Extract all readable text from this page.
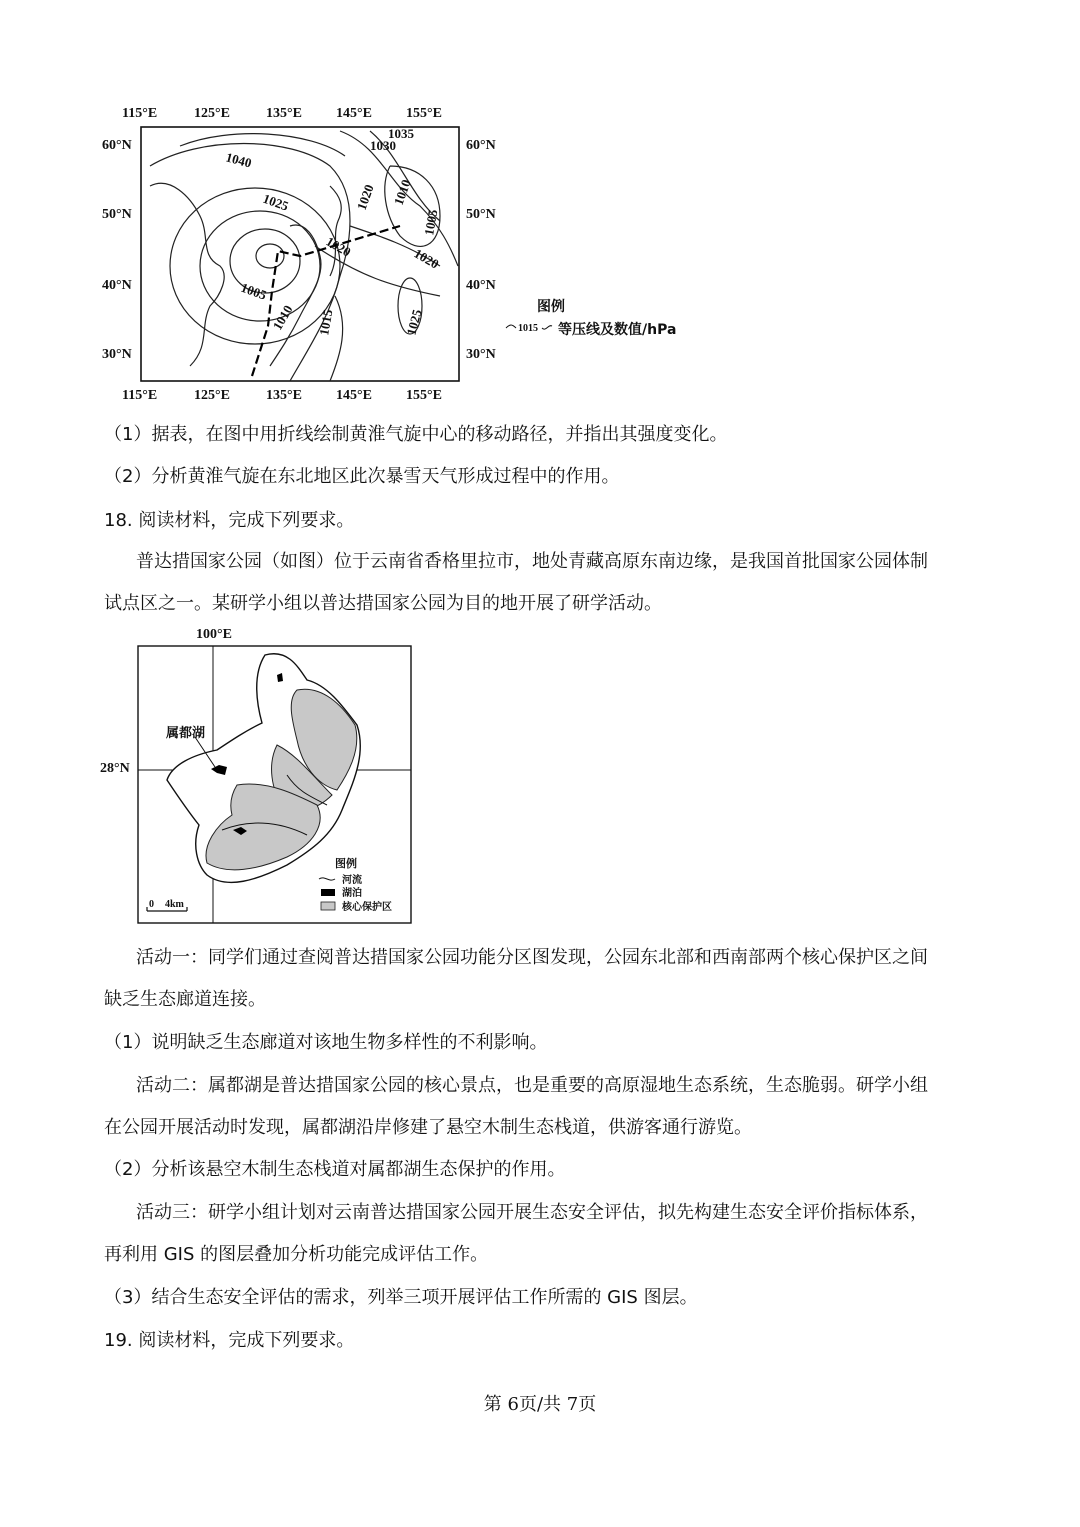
115°E	125°E	135°E 145°E 155°E
115°E	125°E	135°E 145°E 155°E
60°N
50°N
40°N
30°N
60°N
50°N
40°N
30°N
1040
1035
1030
1025
1020	1020
1020
1015
1010
1010
1005
1005
1025
图例
1015 等压线及数值/hPa
（1）据表，在图中用折线绘制黄淮气旋中心的移动路径，并指出其强度变化。
（2）分析黄淮气旋在东北地区此次暴雪天气形成过程中的作用。
18. 阅读材料，完成下列要求。
普达措国家公园（如图）位于云南省香格里拉市，地处青藏高原东南边缘，是我国首批国家公园体制
试点区之一。某研学小组以普达措国家公园为目的地开展了研学活动。
100°E
28°N
0 4km
图例
河流
湖泊
核心保护区
属都湖
活动一：同学们通过查阅普达措国家公园功能分区图发现，公园东北部和西南部两个核心保护区之间
缺乏生态廊道连接。
（1）说明缺乏生态廊道对该地生物多样性的不利影响。
活动二：属都湖是普达措国家公园的核心景点，也是重要的高原湿地生态系统，生态脆弱。研学小组
在公园开展活动时发现，属都湖沿岸修建了悬空木制生态栈道，供游客通行游览。
（2）分析该悬空木制生态栈道对属都湖生态保护的作用。
活动三：研学小组计划对云南普达措国家公园开展生态安全评估，拟先构建生态安全评价指标体系，
再利用 GIS 的图层叠加分析功能完成评估工作。
（3）结合生态安全评估的需求，列举三项开展评估工作所需的 GIS 图层。
19. 阅读材料，完成下列要求。
第 6页/共 7页
